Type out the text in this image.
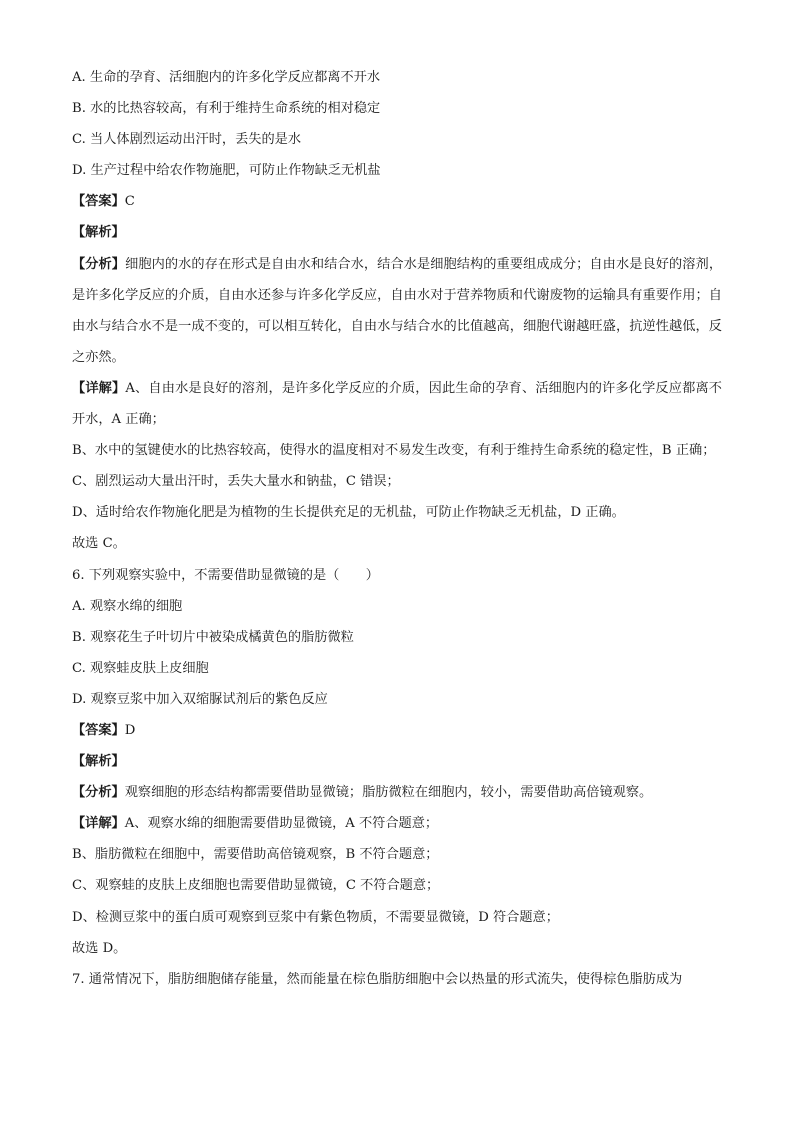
A. 生命的孕育、活细胞内的许多化学反应都离不开水
B. 水的比热容较高，有利于维持生命系统的相对稳定
C. 当人体剧烈运动出汗时，丢失的是水
D. 生产过程中给农作物施肥，可防止作物缺乏无机盐
【答案】C
【解析】
【分析】细胞内的水的存在形式是自由水和结合水，结合水是细胞结构的重要组成成分；自由水是良好的溶剂，是许多化学反应的介质，自由水还参与许多化学反应，自由水对于营养物质和代谢废物的运输具有重要作用；自由水与结合水不是一成不变的，可以相互转化，自由水与结合水的比值越高，细胞代谢越旺盛，抗逆性越低，反之亦然。
【详解】A、自由水是良好的溶剂，是许多化学反应的介质，因此生命的孕育、活细胞内的许多化学反应都离不开水，A 正确；
B、水中的氢键使水的比热容较高，使得水的温度相对不易发生改变，有利于维持生命系统的稳定性，B 正确；
C、剧烈运动大量出汗时，丢失大量水和钠盐，C 错误；
D、适时给农作物施化肥是为植物的生长提供充足的无机盐，可防止作物缺乏无机盐，D 正确。
故选 C。
6. 下列观察实验中，不需要借助显微镜的是（　　）
A. 观察水绵的细胞
B. 观察花生子叶切片中被染成橘黄色的脂肪微粒
C. 观察蛙皮肤上皮细胞
D. 观察豆浆中加入双缩脲试剂后的紫色反应
【答案】D
【解析】
【分析】观察细胞的形态结构都需要借助显微镜；脂肪微粒在细胞内，较小，需要借助高倍镜观察。
【详解】A、观察水绵的细胞需要借助显微镜，A 不符合题意；
B、脂肪微粒在细胞中，需要借助高倍镜观察，B 不符合题意；
C、观察蛙的皮肤上皮细胞也需要借助显微镜，C 不符合题意；
D、检测豆浆中的蛋白质可观察到豆浆中有紫色物质，不需要显微镜，D 符合题意；
故选 D。
7. 通常情况下，脂肪细胞储存能量，然而能量在棕色脂肪细胞中会以热量的形式流失，使得棕色脂肪成为
